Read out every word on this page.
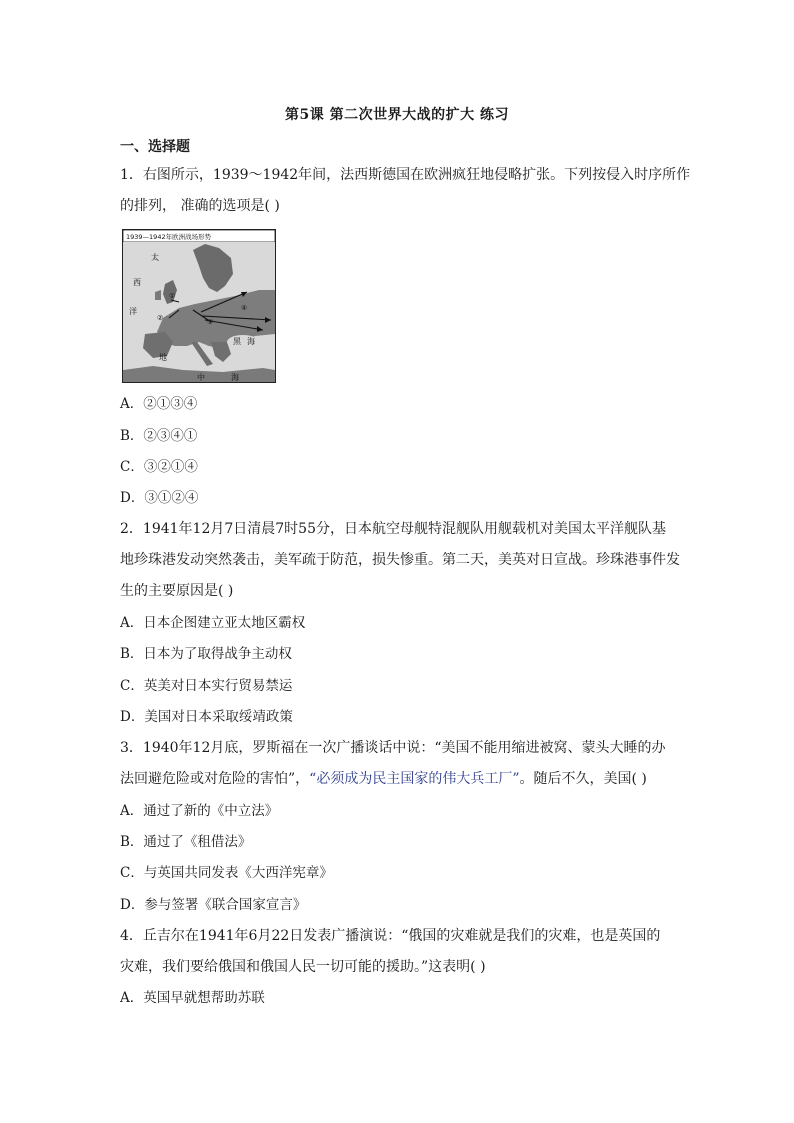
第5课 第二次世界大战的扩大 练习
一、选择题
1．右图所示，1939～1942年间，法西斯德国在欧洲疯狂地侵略扩张。下列按侵入时序所作
的排列， 准确的选项是( )
1939—1942年欧洲战场形势
太
西
洋
地
中	海
黑 海
①
②	③
④
A．②①③④
B．②③④①
C．③②①④
D．③①②④
2．1941年12月7日清晨7时55分，日本航空母舰特混舰队用舰载机对美国太平洋舰队基
地珍珠港发动突然袭击，美军疏于防范，损失惨重。第二天，美英对日宣战。珍珠港事件发
生的主要原因是( )
A．日本企图建立亚太地区霸权
B．日本为了取得战争主动权
C．英美对日本实行贸易禁运
D．美国对日本采取绥靖政策
3．1940年12月底，罗斯福在一次广播谈话中说：“美国不能用缩进被窝、蒙头大睡的办
法回避危险或对危险的害怕”，“必须成为民主国家的伟大兵工厂”。随后不久，美国( )
A．通过了新的《中立法》
B．通过了《租借法》
C．与英国共同发表《大西洋宪章》
D．参与签署《联合国家宣言》
4．丘吉尔在1941年6月22日发表广播演说：“俄国的灾难就是我们的灾难，也是英国的
灾难，我们要给俄国和俄国人民一切可能的援助。”这表明( )
A．英国早就想帮助苏联
